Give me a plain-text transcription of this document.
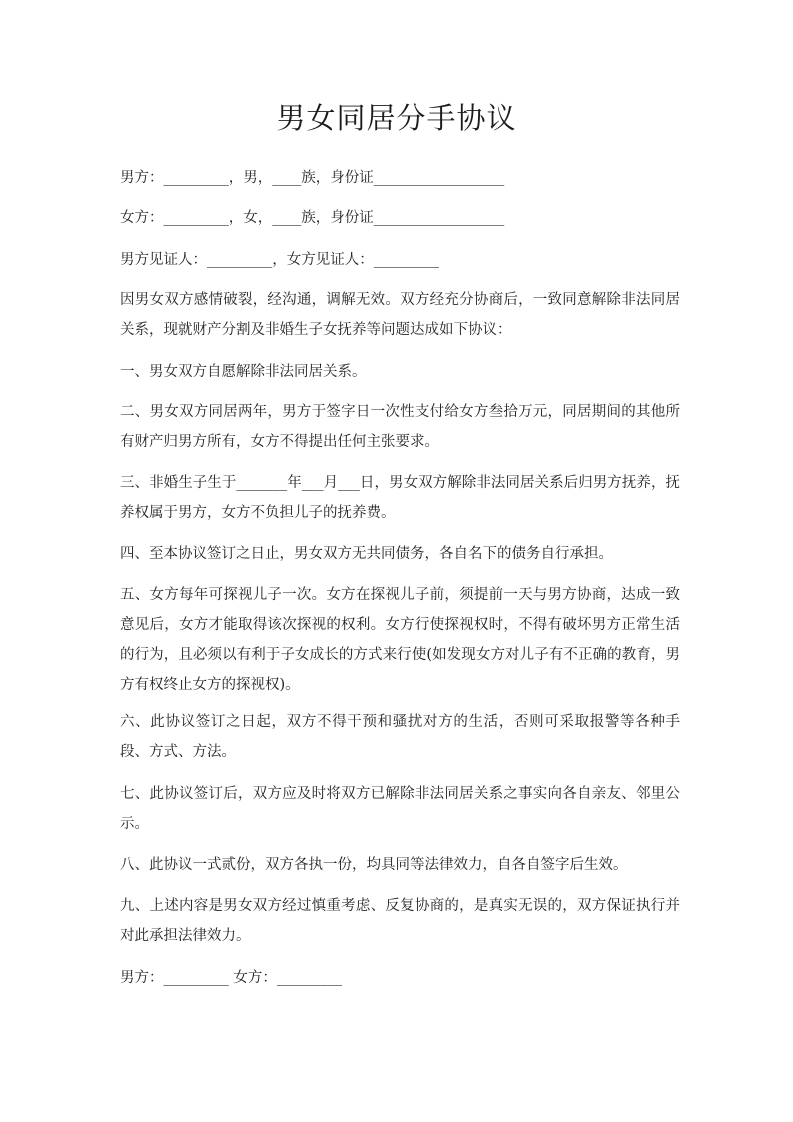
男女同居分手协议
男方：_________，男，____族，身份证__________________
女方：_________，女，____族，身份证__________________
男方见证人：_________，女方见证人：_________
因男女双方感情破裂，经沟通，调解无效。双方经充分协商后，一致同意解除非法同居关系，现就财产分割及非婚生子女抚养等问题达成如下协议：
一、男女双方自愿解除非法同居关系。
二、男女双方同居两年，男方于签字日一次性支付给女方叁拾万元，同居期间的其他所有财产归男方所有，女方不得提出任何主张要求。
三、非婚生子生于_______年___月___日，男女双方解除非法同居关系后归男方抚养，抚养权属于男方，女方不负担儿子的抚养费。
四、至本协议签订之日止，男女双方无共同债务，各自名下的债务自行承担。
五、女方每年可探视儿子一次。女方在探视儿子前，须提前一天与男方协商，达成一致意见后，女方才能取得该次探视的权利。女方行使探视权时，不得有破坏男方正常生活的行为，且必须以有利于子女成长的方式来行使(如发现女方对儿子有不正确的教育，男方有权终止女方的探视权)。
六、此协议签订之日起，双方不得干预和骚扰对方的生活，否则可采取报警等各种手段、方式、方法。
七、此协议签订后，双方应及时将双方已解除非法同居关系之事实向各自亲友、邻里公示。
八、此协议一式贰份，双方各执一份，均具同等法律效力，自各自签字后生效。
九、上述内容是男女双方经过慎重考虑、反复协商的，是真实无误的，双方保证执行并对此承担法律效力。
男方：_________ 女方：_________
